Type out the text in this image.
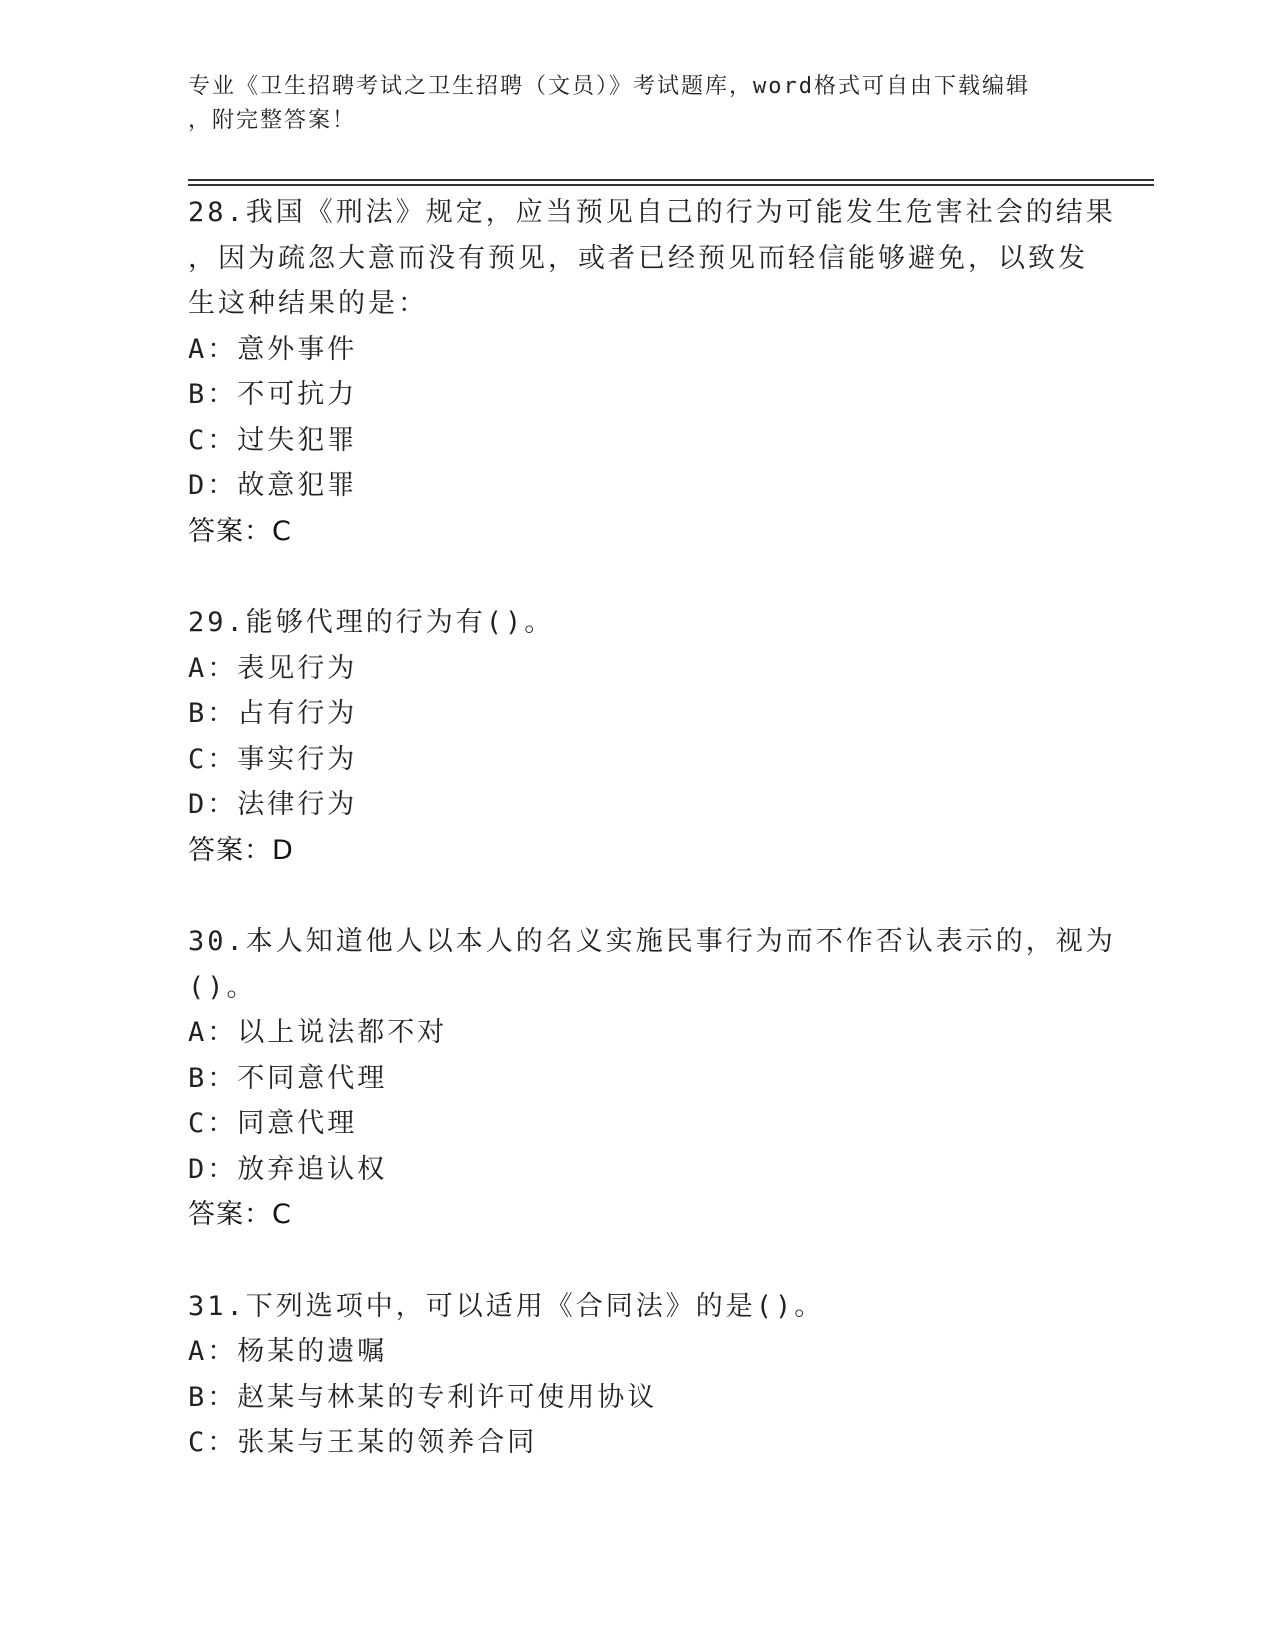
专业《卫生招聘考试之卫生招聘（文员）》考试题库，word格式可自由下载编辑
，附完整答案！
28.我国《刑法》规定，应当预见自己的行为可能发生危害社会的结果
，因为疏忽大意而没有预见，或者已经预见而轻信能够避免，以致发
生这种结果的是：
A：意外事件
B：不可抗力
C：过失犯罪
D：故意犯罪
答案：C
29.能够代理的行为有()。
A：表见行为
B：占有行为
C：事实行为
D：法律行为
答案：D
30.本人知道他人以本人的名义实施民事行为而不作否认表示的，视为
()。
A：以上说法都不对
B：不同意代理
C：同意代理
D：放弃追认权
答案：C
31.下列选项中，可以适用《合同法》的是()。
A：杨某的遗嘱
B：赵某与林某的专利许可使用协议
C：张某与王某的领养合同
